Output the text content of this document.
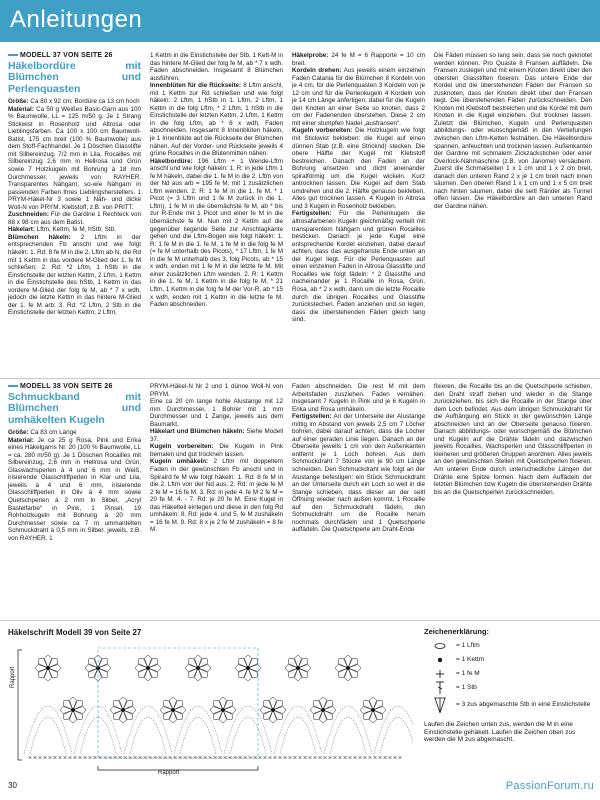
Anleitungen
MODELL 37 VON SEITE 26
Häkelbordüre mit Blümchen und Perlenquasten

Größe: Ca 80 x 92 cm; Bordüre ca 13 cm hoch

Material: Ca 50 g Weißes Basic-Garn aus 100 % Baumwolle, LL = 125 m/50 g. Je 1 Strang Stickwist in Rosenholz und Altrosa oder Lieblingsfarben. Ca 100 x 100 cm Baumwoll-Batist, 175 cm breit (100 % Baumwolle) aus dem Stoff-Fachhandel. Je 1 Döschen Glasstifte mit Silbereinzug, 7/2 mm in Lila, Rocailles mit Silbereinzug 2,6 mm in Hellrosa und Grün sowie 7 Holzkugeln mit Bohrung à 18 mm Durchmesser, jeweils von RAYHER. Transparentes Nähgarn, so-wie Nähgarn in passenden Farben Ihres Lieblingsherstellers. 1 PRYM-Häkel-Nr 3 sowie 1 Näh- und dicke Woll-N von PRYM. Klebstoff, z.B. von PRITT.

Zuschneiden: Für die Gardine 1 Rechteck von 88 x 98 cm aus dem Batist.

Häkelart: Lftm, Kettm, fe M, hStb, Stb.

Blümchen häkeln: 2 Lftm in der entsprechenden Fb anschl und wie folgt häkeln: 1. Rd: 8 fe M in die 2. Lftm ab N, die Rd mit 1 Kettm in das vordere M-Glied der 1. fe M schließen; 2. Rd: *2 Lftm, 1 hStb in die Einstichstelle der letzten Kettm, 2 Lftm, 1 Kettm in die Einstichstelle des hStb, 1 Kettm in das vordere M-Glied der folg fe M, ab * 7 x wdh, jedoch die letzte Kettm in das hintere M-Glied der 1. fe M arb; 3. Rd: *2 Lftm, 2 Stb in die Einstichstelle der letzten Kettm, 2 Lftm,

1 Kettm in die Einstichstelle der Stb, 1 Kett-M in das hintere M-Glied der folg fe M, ab * 7 x wdh. Faden abschneiden. Insgesamt 8 Blümchen ausführen.

Innenblüten für die Rückseite: 8 Lftm anschl, mit 1 Kettm zur Rd schließen und wie folgt häkeln: 2 Lftm, 1 hStb in 1. Lftm, 2 Lftm, 1 Kettm in die folg Lftm, * 2 Lftm, 1 hStb in die Einstichstelle der letzten Kettm, 2 Lftm, 1 Kettm in die folg Lftm, ab * 6 x wdh, Faden abschneiden. Insgesamt 8 Innenblüten häkeln, je 1 Innenblüte auf die Rückseite der Blümchen nähen. Auf der Vorder- und Rückseite jeweils 4 grüne Rocailles in die Blütenmitten nähen.

Häkelbordüre: 196 Lftm + 1 Wende-Lftm anschl und wie folgt häkeln: 1. R: in jede Lftm 1 fe M häkeln, dabei die 1. fe M in die 2. Lftm von der Nd aus arb = 195 fe M, mit 1 zusätzlichen Lftm wenden. 2. R: 1 fe M in die 1. fe M, * 1 Picot (= 3 Lftm und 1 fe M zurück in die 1. Lftm), 1 fe M in die übernächste fe M, ab * bis zur R-Ende mit 1 Picot und einer fe M in die übernächste fe M. Nun mit 2 Kettm auf die gegenüber liegende Seite zur Anschlagkante gehen und die Lftm-Bogen wie folgt häkeln: 1. R: 1 fe M in die 1. fe M, 1 fe M in die folg fe M (= fe M unterhalb des Picots), * 17 Lftm, 1 fe M in die fe M unterhalb des 3. folg Picots, ab * 15 x wdh, enden mit 1 fe M in die letzte fe M. Mit einer zusätzlichen Lftm wenden. 2. R: 1 Kettm in die 1. fe M, 1 Kettm in die folg fe M, * 21 Lftm, 1 Kettm in die folg fe M der Vor-R, ab * 15 x wdh, enden mit 1 Kettm in die letzte fe M. Faden abschneiden.

Häkelprobe: 24 fe M = 6 Rapporte = 10 cm breit.

Kordeln drehen: Aus jeweils einem einzelnen Faden Catania für die Blümchen 8 Kordeln von je 4 cm, für die Perlenquasten 3 Kordeln von je 12 cm und für die Perlenkugeln 4 Kordeln von je 14 cm Länge anfertigen, dabei für die Kugeln den Knoten an einer Seite so knoten, dass 2 cm der Fadenenden überstehen. Diese 2 cm mit einer stumpfen Nadel „ausfransen“.

Kugeln vorbereiten: Die Holzkugeln wie folgt mit Stickwist bekleben: die Kugel auf einen dünnen Stab (z.B. eine Stricknd) stecken. Die obere Hälfte der Kugel mit Klebstoff bestreichen. Danach den Faden an der Bohrung ansetzen und dicht aneinander spiralförmig um die Kugel wickeln. Kurz antrocknen lassen. Die Kugel auf dem Stab umdrehen und die 2. Hälfte genauso bekleben. Alles gut trocknen lassen. 4 Kugeln in Altrosa und 3 Kugeln in Rosenholz bekleben.

Fertigstellen: Für die Perlenkugeln die altrosafarbenen Kugeln gleichmäßig verteilt mit transparentem Nähgarn und grünen Rocailles besticken. Danach je jede Kugel eine entsprechende Kordel einziehen, dabei darauf achten, dass das ausgefranste Ende unten an der Kugel liegt. Für die Perlenquasten auf einen einzelnen Faden in Altrosa Glasstifte und Rocailles wie folgt fädeln: * 2 Glasstifte und nacheinander je 1 Rocaille in Rosa, Grün, Rosa, ab * 2 x wdh, dann um die letzte Rocaille durch die übrigen Rocailles und Glasstifte zurückstechen. Faden anziehen und so legen, dass die überstehenden Fäden gleich lang sind.

Die Fäden müssen so lang sein, dass sie noch geknotet werden können. Pro Quaste 8 Fransen auffädeln. Die Fransen zuslegen und mit einem Knoten direkt über den obersten Glasstiften fixieren. Das untere Ende der Kordel und die überstehenden Fäden der Fransen so zusknoten, dass der Knoten direkt über den Fransen liegt. Die überstehenden Fäden zurückschneiden. Den Knoten mit Klebstoff bestreichen und die Kordel mit dem Knoten in die Kugel einziehen. Gut trocknen lassen. Zuletzt die Blümchen, Kugeln und Perlenquasten abbildungs- oder wunschgemäß in den Vertiefungen zwischen den Lftm-Ketten festnähen. Die Häkelbordüre spannen, anfeuchten und trocknen lassen. Außenkanten der Gardine mit schmalem Zickzackstichen oder einer Overlock-Nähmaschine (z.B. von Janome) versäubern. Zuerst die Schmalseiten 1 x 1 cm und 1 x 2 cm breit, danach den unteren Rand 2 x je 1 cm breit nach innen säumen. Den oberen Rand 1 x 1 cm und 1 x 5 cm breit nach hinten säumen, dabei die seitl Ränder als Tunnel offen lassen. Die Häkelbordüre an den unteren Rand der Gardine nähen.

MODELL 38 VON SEITE 26
Schmuckband mit Blümchen und umhäkelten Kugeln

Größe: Ca 83 cm Länge

Material: Je ca 25 g Rosa, Pink und Erika eines Häkelgarns Nr. 20 (100 % Baumwolle, LL = ca. 280 m/50 g). Je 1 Döschen Rocailles mit Silbereinzug, 2,6 mm in Hellrosa und Grün, Glaswachsperlen à 4 und 6 mm in Weiß, irisierende Glasschliffperlen in Klar und Lila, jeweils à 4 und 6 mm, irisierende Glasschliffperlen in Oliv à 4 mm sowie Quetschperlen à 2 mm in Silber, „Acryl Bastelfarbe“ in Pink, 1 Pinsel, 19 Rohholzkugeln mit Bohrung à 20 mm Durchmesser sowie ca 7 m ummantelten Schmuckdraht à 0,5 mm in Silber, jeweils, z.B. von RAYHER. 1

PRYM-Häkel-N Nr 2 und 1 dünne Woll-N von PRYM.

Eine ca 20 cm lange hohle Alustange mit 12 mm Durchmesser, 1 Bohrer mit 1 mm Durchmesser und 1 Zange, jeweils aus dem Baumarkt.

Häkelart und Blümchen häkeln: Siehe Modell 37.

Kugeln vorbereiten: Die Kugeln in Pink bemalen und gut trocknen lassen.

Kugeln umhäkeln: 2 Lftm mit doppeltem Faden in der gewünschten Fb anschl und in Spiralrd fe M wie folgt häkeln: 1. Rd: 8 fe M in die 2. Lftm von der Nd aus. 2. Rd: in jede fe M 2 fe M = 16 fe M. 3. Rd: in jede 4. fe M 2 fe M = 20 fe M. 4. - 7. Rd: je 20 fe M. Eine Kugel in das Häkelteil einlegen und diese in den folg Rd umhäkeln: 8. Rd: jede 4. und 5. fe M zushäkeln = 16 fe M. 9. Rd: 8 x je 2 fe M zushäkeln = 8 fe M.

Faden abschneiden. Die rest M mit dem Arbeitsfaden zusziehen. Faden vernähen. Insgesamt 7 Kugeln in Pink und je 6 Kugeln in Erika und Rosa umhäkeln.

Fertigstellen: An der Unterseite der Alustange mittig im Abstand von jeweils 2,5 cm 7 Löcher bohren, dabei darauf achten, dass die Löcher auf einer geraden Linie liegen. Danach an der Oberseite jeweils 1 cm von den Außenkanten entfernt je 1 Loch bohren. Aus dem Schmuckdraht 7 Stücke von je 90 cm Länge schneiden. Den Schmuckdraht wie folgt an der Alustange befestigen: ein Stück Schmuckdraht an der Unterseite durch ein Loch so weit in die Stange schieben, dass dieser an der seitl Öffnung wieder nach außen kommt. 1 Rocaille auf den Schmuckdraht fädeln, den Schmuckdraht um die Rocaille herum nochmals durchfädeln und 1 Quetschperle auffädeln. Die Quetschperle am Draht-Ende

fixieren, die Rocaille bis an die Quetschperle schieben, den Draht straff ziehen und wieder in die Stange zurückziehen, bis sich die Rocaille in der Stange über dem Loch befindet. Aus dem übrigen Schmuckdraht für die Aufhängung ein Stück in der gewünschten Länge abschneiden und an der Oberseite genauso fixieren. Danach abbildungs- oder wunschgemäß die Blümchen und Kugeln auf die Drähte fädeln und dazwischen jeweils Rocailles, Wachsperlen und Glasschliffperlen in kleineren und größeren Gruppen anordnen. Alles jeweils an den gewünschten Stellen mit Quetschperlen fixieren. Am unteren Ende durch unterschiedliche Längen der Drähte eine Spitze formen. Nach dem Auffädeln der letzten Blümchen bzw Kugeln die überstehenden Drähte bis an die Quetschperlen zurückschneiden.

Häkelschrift Modell 39 von Seite 27
Rapport
Rapport
Zeichenerklärung:
= 1 Lftm
= 1 Kettm
= 1 fe M
= 1 Stb
= 3 zus abgemaschte Stb in eine Einstichstelle
Laufen die Zeichen unten zus, werden die M in eine Einstichstelle gehäkelt. Laufen die Zeichen oben zus werden die M zus abgemascht.
30	PassionForum.ru
